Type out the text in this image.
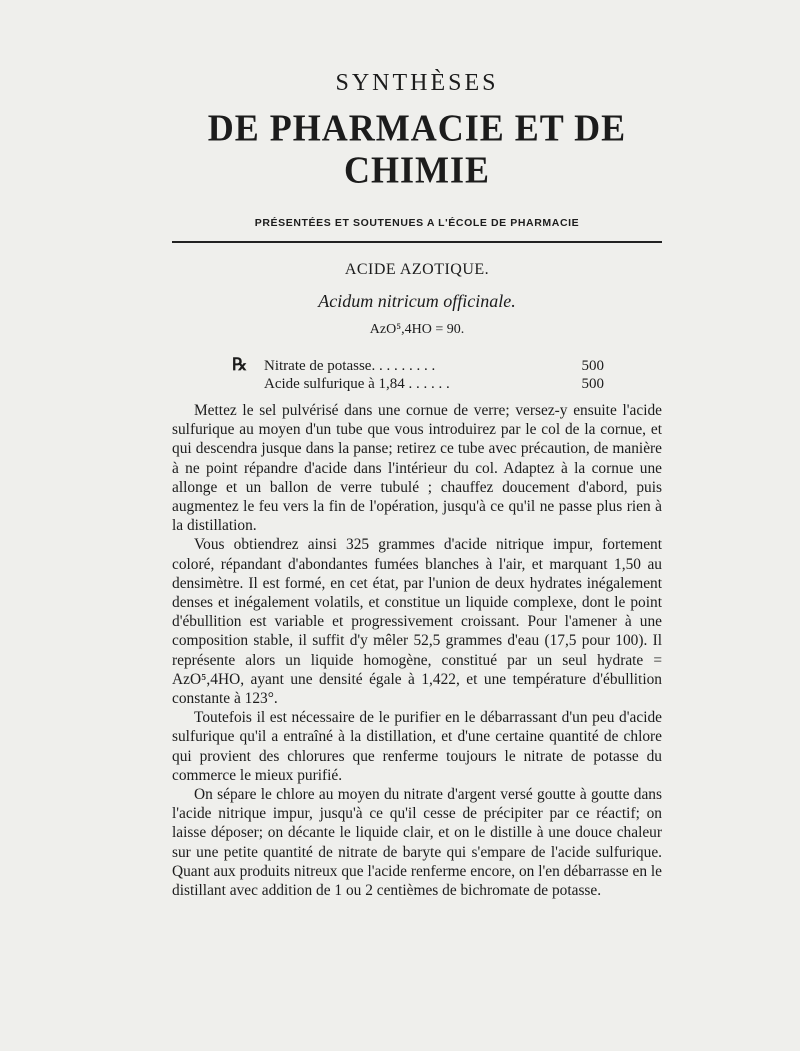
SYNTHÈSES
DE PHARMACIE ET DE CHIMIE
PRÉSENTÉES ET SOUTENUES A L'ÉCOLE DE PHARMACIE
ACIDE AZOTIQUE.
Acidum nitricum officinale.
AzO⁵,4HO = 90.
℞	Nitrate de potasse. . . . . . . . .	500
Acide sulfurique à 1,84 . . . . . .	500

Mettez le sel pulvérisé dans une cornue de verre; versez-y ensuite l'acide sulfurique au moyen d'un tube que vous introduirez par le col de la cornue, et qui descendra jusque dans la panse; retirez ce tube avec précaution, de manière à ne point répandre d'acide dans l'intérieur du col. Adaptez à la cornue une allonge et un ballon de verre tubulé ; chauffez doucement d'abord, puis augmentez le feu vers la fin de l'opération, jusqu'à ce qu'il ne passe plus rien à la distillation.

Vous obtiendrez ainsi 325 grammes d'acide nitrique impur, fortement coloré, répandant d'abondantes fumées blanches à l'air, et marquant 1,50 au densimètre. Il est formé, en cet état, par l'union de deux hydrates inégalement denses et inégalement volatils, et constitue un liquide complexe, dont le point d'ébullition est variable et progressivement croissant. Pour l'amener à une composition stable, il suffit d'y mêler 52,5 grammes d'eau (17,5 pour 100). Il représente alors un liquide homogène, constitué par un seul hydrate = AzO⁵,4HO, ayant une densité égale à 1,422, et une température d'ébullition constante à 123°.

Toutefois il est nécessaire de le purifier en le débarrassant d'un peu d'acide sulfurique qu'il a entraîné à la distillation, et d'une certaine quantité de chlore qui provient des chlorures que renferme toujours le nitrate de potasse du commerce le mieux purifié.

On sépare le chlore au moyen du nitrate d'argent versé goutte à goutte dans l'acide nitrique impur, jusqu'à ce qu'il cesse de précipiter par ce réactif; on laisse déposer; on décante le liquide clair, et on le distille à une douce chaleur sur une petite quantité de nitrate de baryte qui s'empare de l'acide sulfurique. Quant aux produits nitreux que l'acide renferme encore, on l'en débarrasse en le distillant avec addition de 1 ou 2 centièmes de bichromate de potasse.
